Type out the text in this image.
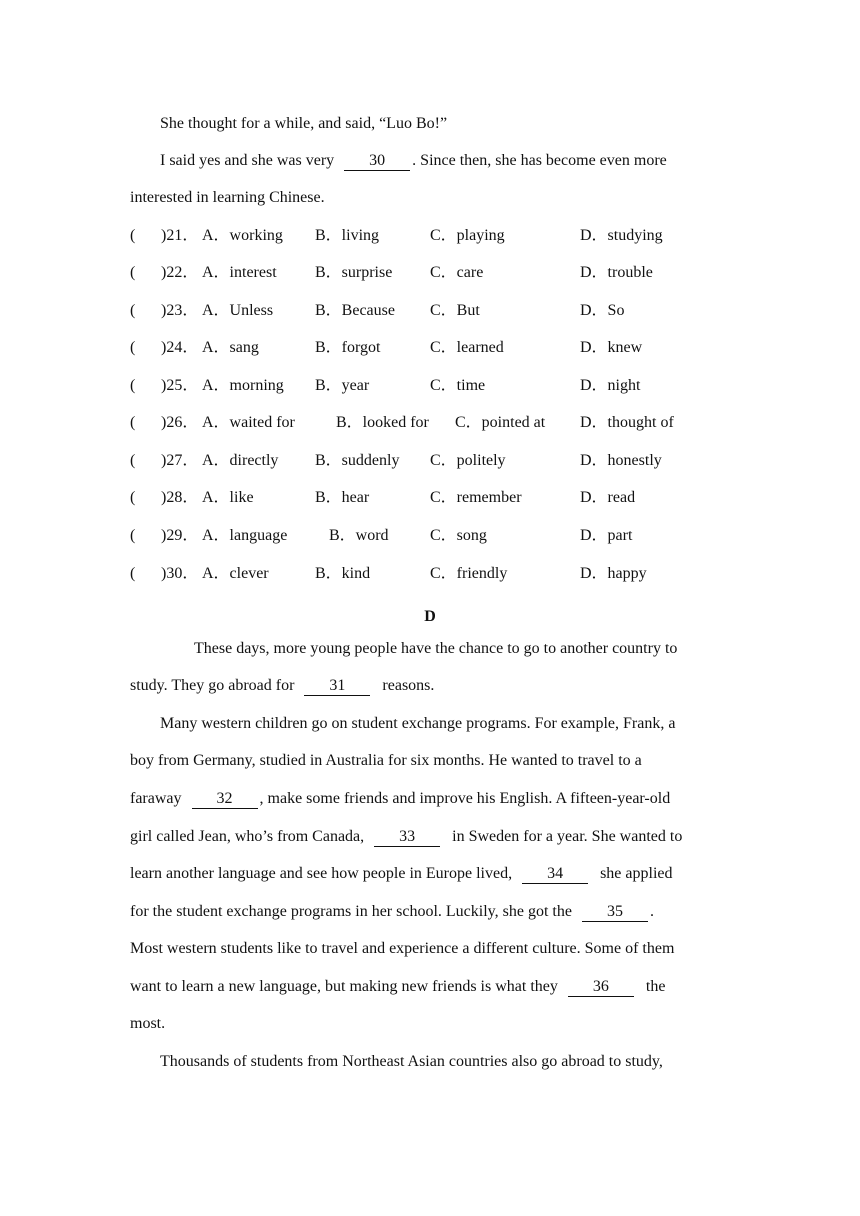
She thought for a while, and said, “Luo Bo!”
I said yes and she was very 30 . Since then, she has become even more
interested in learning Chinese.
( )21． A．working B．living	C．playing	D．studying
( )22． A．interest B．surprise C．care	D．trouble
( )23． A．Unless	B．Because C．But	D．So
( )24． A．sang	B．forgot	C．learned	D．knew
( )25． A．morning B．year	C．time	D．night
( )26． A．waited for	B．looked for C．pointed at D．thought of
( )27． A．directly B．suddenly C．politely	D．honestly
( )28． A．like	B．hear	C．remember	D．read
( )29． A．language	B．word	C．song	D．part
( )30． A．clever	B．kind	C．friendly	D．happy
D
These days, more young people have the chance to go to another country to
study. They go abroad for 31 reasons.
Many western children go on student exchange programs. For example, Frank, a
boy from Germany, studied in Australia for six months. He wanted to travel to a
faraway 32 , make some friends and improve his English. A fifteen-year-old
girl called Jean, who’s from Canada, 33 in Sweden for a year. She wanted to
learn another language and see how people in Europe lived, 34 she applied
for the student exchange programs in her school. Luckily, she got the 35 .
Most western students like to travel and experience a different culture. Some of them
want to learn a new language, but making new friends is what they 36 the
most.
Thousands of students from Northeast Asian countries also go abroad to study,
